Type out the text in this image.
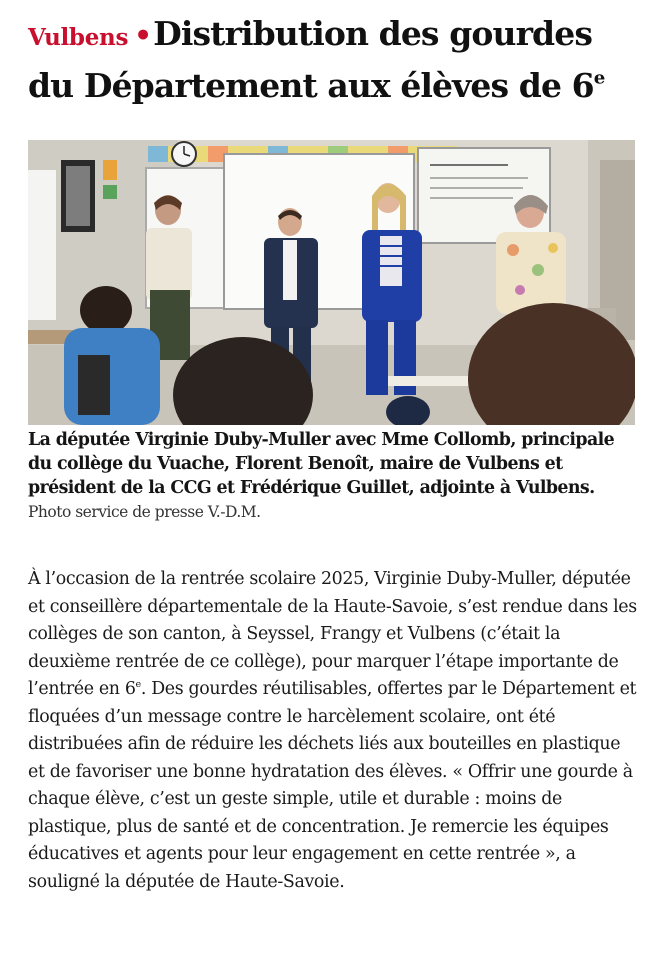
Vulbens •Distribution des gourdes du Département aux élèves de 6e

La députée Virginie Duby-Muller avec Mme Collomb, principale du collège du Vuache, Florent Benoît, maire de Vulbens et président de la CCG et Frédérique Guillet, adjointe à Vulbens. Photo service de presse V.-D.M.

À l’occasion de la rentrée scolaire 2025, Virginie Duby-Muller, députée et conseillère départementale de la Haute-Savoie, s’est rendue dans les collèges de son canton, à Seyssel, Frangy et Vulbens (c’était la deuxième rentrée de ce collège), pour marquer l’étape importante de l’entrée en 6e. Des gourdes réutilisables, offertes par le Département et floquées d’un message contre le harcèlement scolaire, ont été distribuées afin de réduire les déchets liés aux bouteilles en plastique et de favoriser une bonne hydratation des élèves. « Offrir une gourde à chaque élève, c’est un geste simple, utile et durable : moins de plastique, plus de santé et de concentration. Je remercie les équipes éducatives et agents pour leur engagement en cette rentrée », a souligné la députée de Haute-Savoie.
